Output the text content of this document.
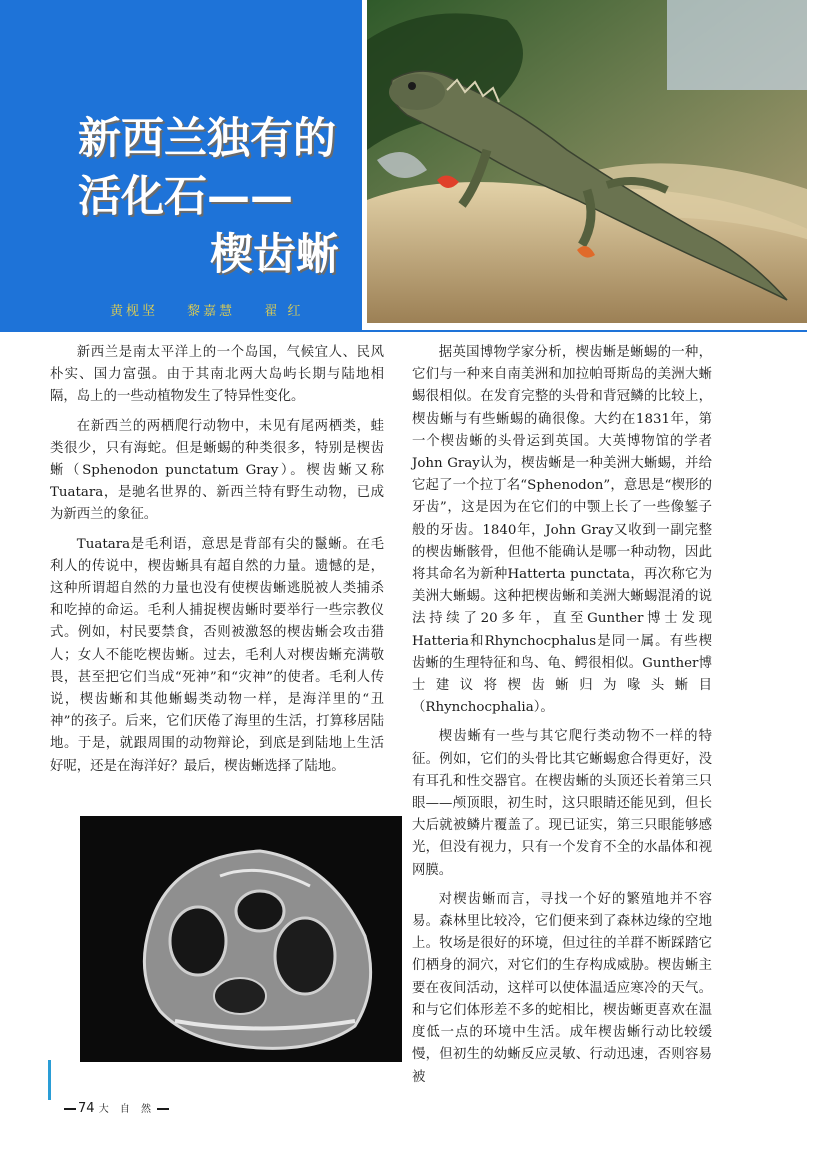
新西兰独有的
活化石——
楔齿蜥
黄枧坚 黎嘉慧 翟 红

新西兰是南太平洋上的一个岛国，气候宜人、民风朴实、国力富强。由于其南北两大岛屿长期与陆地相隔，岛上的一些动植物发生了特异性变化。

在新西兰的两栖爬行动物中，未见有尾两栖类，蛙类很少，只有海蛇。但是蜥蜴的种类很多，特别是楔齿蜥（Sphenodon punctatum Gray）。楔齿蜥又称Tuatara，是驰名世界的、新西兰特有野生动物，已成为新西兰的象征。

Tuatara是毛利语，意思是背部有尖的鬣蜥。在毛利人的传说中，楔齿蜥具有超自然的力量。遗憾的是，这种所谓超自然的力量也没有使楔齿蜥逃脱被人类捕杀和吃掉的命运。毛利人捕捉楔齿蜥时要举行一些宗教仪式。例如，村民要禁食，否则被激怒的楔齿蜥会攻击猎人；女人不能吃楔齿蜥。过去，毛利人对楔齿蜥充满敬畏，甚至把它们当成“死神”和“灾神”的使者。毛利人传说，楔齿蜥和其他蜥蜴类动物一样，是海洋里的“丑神”的孩子。后来，它们厌倦了海里的生活，打算移居陆地。于是，就跟周围的动物辩论，到底是到陆地上生活好呢，还是在海洋好？最后，楔齿蜥选择了陆地。

据英国博物学家分析，楔齿蜥是蜥蜴的一种，它们与一种来自南美洲和加拉帕哥斯岛的美洲大蜥蜴很相似。在发育完整的头骨和背冠鳞的比较上，楔齿蜥与有些蜥蜴的确很像。大约在1831年，第一个楔齿蜥的头骨运到英国。大英博物馆的学者John Gray认为，楔齿蜥是一种美洲大蜥蜴，并给它起了一个拉丁名“Sphenodon”，意思是“楔形的牙齿”，这是因为在它们的中颚上长了一些像錾子般的牙齿。1840年，John Gray又收到一副完整的楔齿蜥骸骨，但他不能确认是哪一种动物，因此将其命名为新种Hatterta punctata，再次称它为美洲大蜥蜴。这种把楔齿蜥和美洲大蜥蜴混淆的说法持续了20多年，直至Gunther博士发现Hatteria和Rhynchocphalus是同一属。有些楔齿蜥的生理特征和鸟、龟、鳄很相似。Gunther博士建议将楔齿蜥归为喙头蜥目（Rhynchocphalia）。

楔齿蜥有一些与其它爬行类动物不一样的特征。例如，它们的头骨比其它蜥蜴愈合得更好，没有耳孔和性交器官。在楔齿蜥的头顶还长着第三只眼——颅顶眼，初生时，这只眼睛还能见到，但长大后就被鳞片覆盖了。现已证实，第三只眼能够感光，但没有视力，只有一个发育不全的水晶体和视网膜。

对楔齿蜥而言，寻找一个好的繁殖地并不容易。森林里比较冷，它们便来到了森林边缘的空地上。牧场是很好的环境，但过往的羊群不断踩踏它们栖身的洞穴，对它们的生存构成威胁。楔齿蜥主要在夜间活动，这样可以使体温适应寒冷的天气。和与它们体形差不多的蛇相比，楔齿蜥更喜欢在温度低一点的环境中生活。成年楔齿蜥行动比较缓慢，但初生的幼蜥反应灵敏、行动迅速，否则容易被

74 大 自 然
